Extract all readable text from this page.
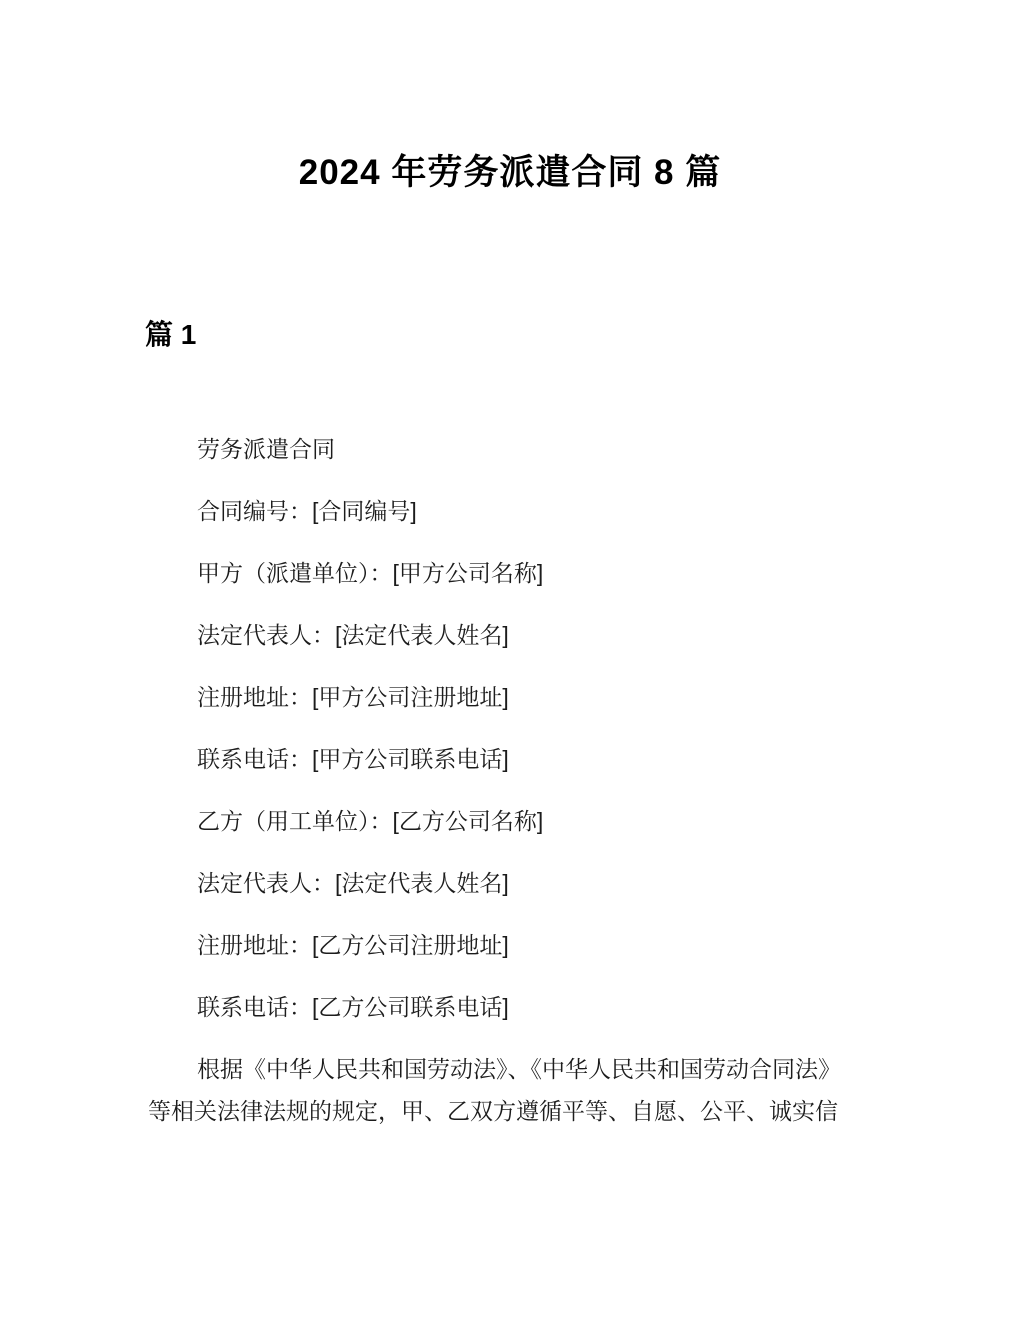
2024 年劳务派遣合同 8 篇
篇 1

劳务派遣合同

合同编号：[合同编号]

甲方（派遣单位）：[甲方公司名称]

法定代表人：[法定代表人姓名]

注册地址：[甲方公司注册地址]

联系电话：[甲方公司联系电话]

乙方（用工单位）：[乙方公司名称]

法定代表人：[法定代表人姓名]

注册地址：[乙方公司注册地址]

联系电话：[乙方公司联系电话]

根据《中华人民共和国劳动法》、《中华人民共和国劳动合同法》
等相关法律法规的规定，甲、乙双方遵循平等、自愿、公平、诚实信
